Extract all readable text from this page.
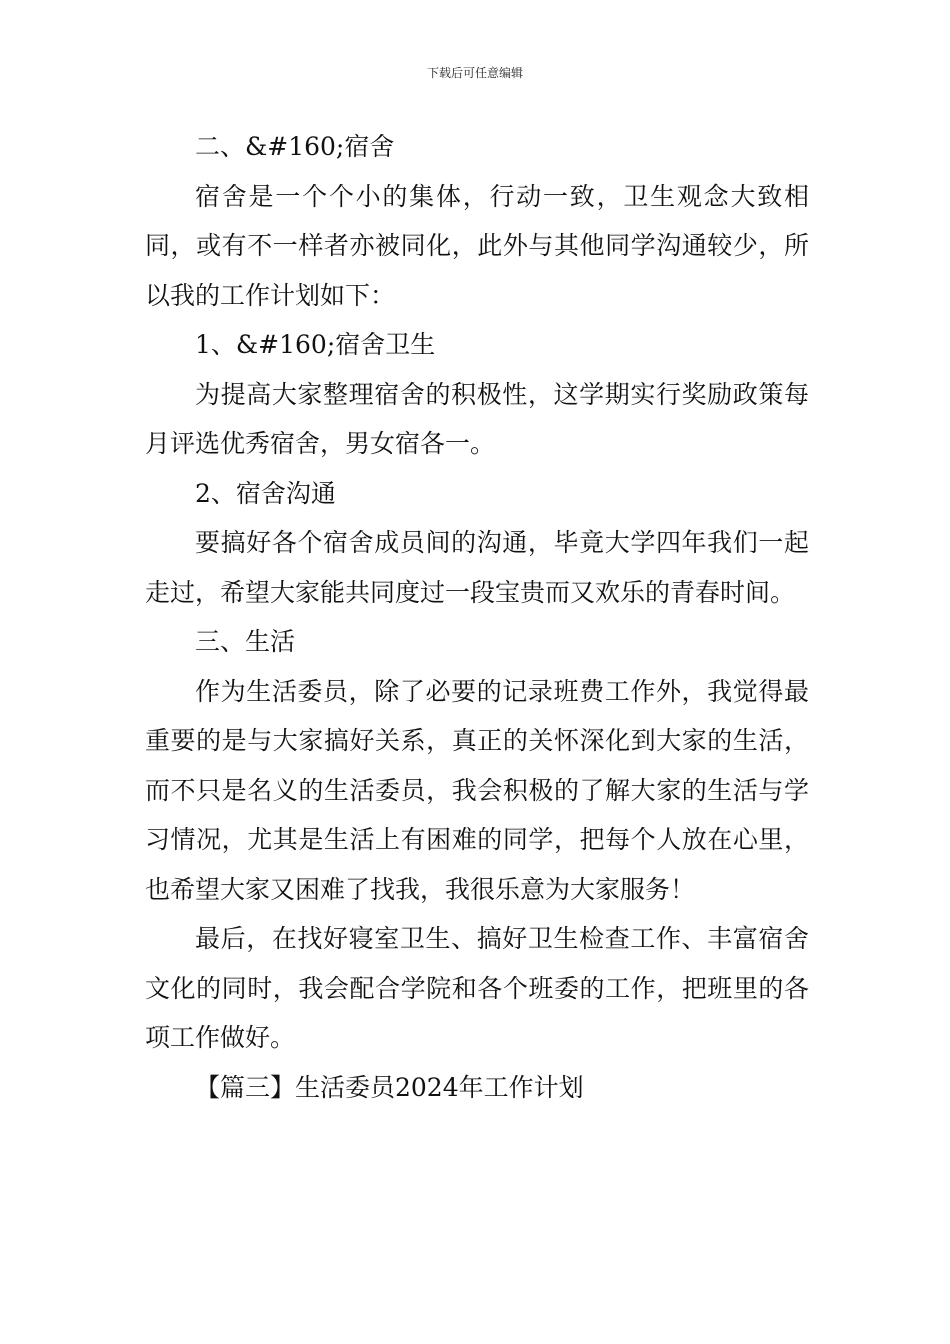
下载后可任意编辑

二、&#160;宿舍

宿舍是一个个小的集体，行动一致，卫生观念大致相同，或有不一样者亦被同化，此外与其他同学沟通较少，所以我的工作计划如下：

1、&#160;宿舍卫生

为提高大家整理宿舍的积极性，这学期实行奖励政策每月评选优秀宿舍，男女宿各一。

2、宿舍沟通

要搞好各个宿舍成员间的沟通，毕竟大学四年我们一起走过，希望大家能共同度过一段宝贵而又欢乐的青春时间。

三、生活

作为生活委员，除了必要的记录班费工作外，我觉得最重要的是与大家搞好关系，真正的关怀深化到大家的生活，而不只是名义的生活委员，我会积极的了解大家的生活与学习情况，尤其是生活上有困难的同学，把每个人放在心里，也希望大家又困难了找我，我很乐意为大家服务！

最后，在找好寝室卫生、搞好卫生检查工作、丰富宿舍文化的同时，我会配合学院和各个班委的工作，把班里的各项工作做好。

【篇三】生活委员2024年工作计划
